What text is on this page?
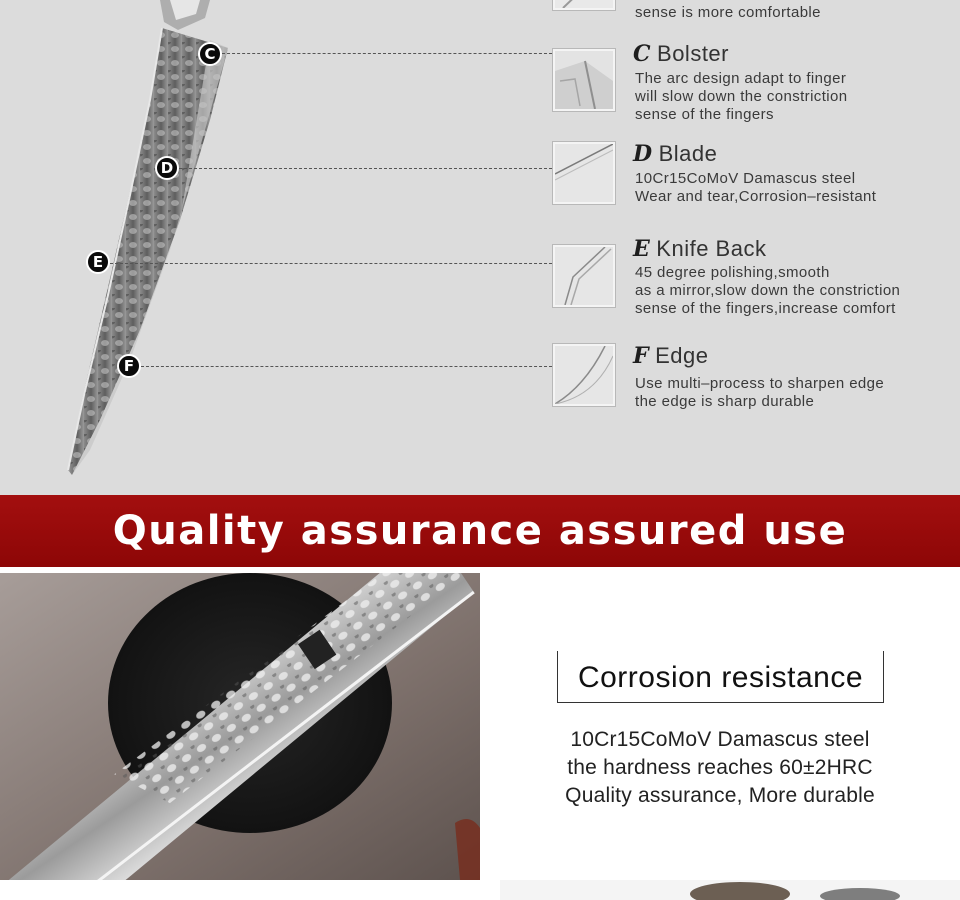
sense is more comfortable
C	C Bolster
The arc design adapt to finger
will slow down the constriction
sense of the fingers
D
D Blade
10Cr15CoMoV Damascus steel
Wear and tear,Corrosion–resistant
E	E Knife Back
45 degree polishing,smooth
as a mirror,slow down the constriction
sense of the fingers,increase comfort
F	F Edge
Use multi–process to sharpen edge
the edge is sharp durable
Quality assurance assured use
Corrosion resistance
10Cr15CoMoV Damascus steel
the hardness reaches 60±2HRC
Quality assurance, More durable
